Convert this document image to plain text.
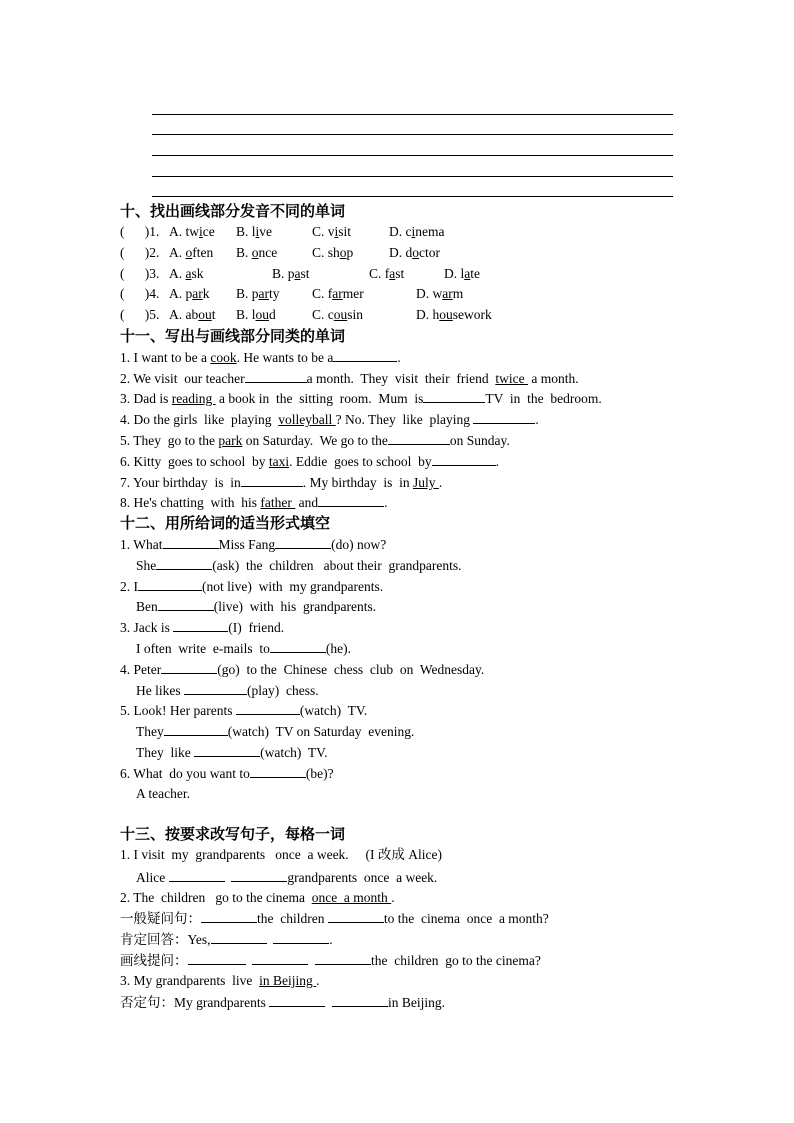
十、找出画线部分发音不同的单词
(      )1. A. twice B. live	C. visit	D. cinema
(      )2. A. often B. once	C. shop	D. doctor
(      )3. A. ask	B. past	C. fast	D. late
(      )4. A. park B. party C. farmer	D. warm
(      )5. A. about B. loud	C. cousin	D. housework
十一、写出与画线部分同类的单词
1. I want to be a cook. He wants to be a	.
2. We visit  our teacher	a month.  They  visit  their  friend  twice  a month.
3. Dad is reading  a book in  the  sitting  room.  Mum  is	TV  in  the  bedroom.
4. Do the girls  like  playing  volleyball ? No. They  like  playing	.
5. They  go to the park on Saturday.  We go to the	on Sunday.
6. Kitty  goes to school  by taxi. Eddie  goes to school  by	.
7. Your birthday  is  in	. My birthday  is  in July .
8. He's chatting  with  his father  and	.
十二、用所给词的适当形式填空
1. What	Miss Fang	(do) now?
She	(ask)  the  children   about their  grandparents.
2. I	(not live)  with  my grandparents.
Ben	(live)  with  his  grandparents.
3. Jack is	(I)  friend.
I often  write  e-mails  to	(he).
4. Peter	(go)  to the  Chinese  chess  club  on  Wednesday.
He likes	(play)  chess.
5. Look! Her parents	(watch)  TV.
They	(watch)  TV on Saturday  evening.
They  like	(watch)  TV.
6. What  do you want to	(be)?
A teacher.
十三、按要求改写句子，每格一词
1. I visit  my  grandparents   once  a week.     (I 改成 Alice)
Alice	grandparents  once  a week.
2. The  children   go to the cinema  once  a month .
一般疑问句：	the  children	to the  cinema  once  a month?
肯定回答：Yes,	.
画线提问：	the  children  go to the cinema?
3. My grandparents  live  in Beijing .
否定句：My grandparents	in Beijing.
